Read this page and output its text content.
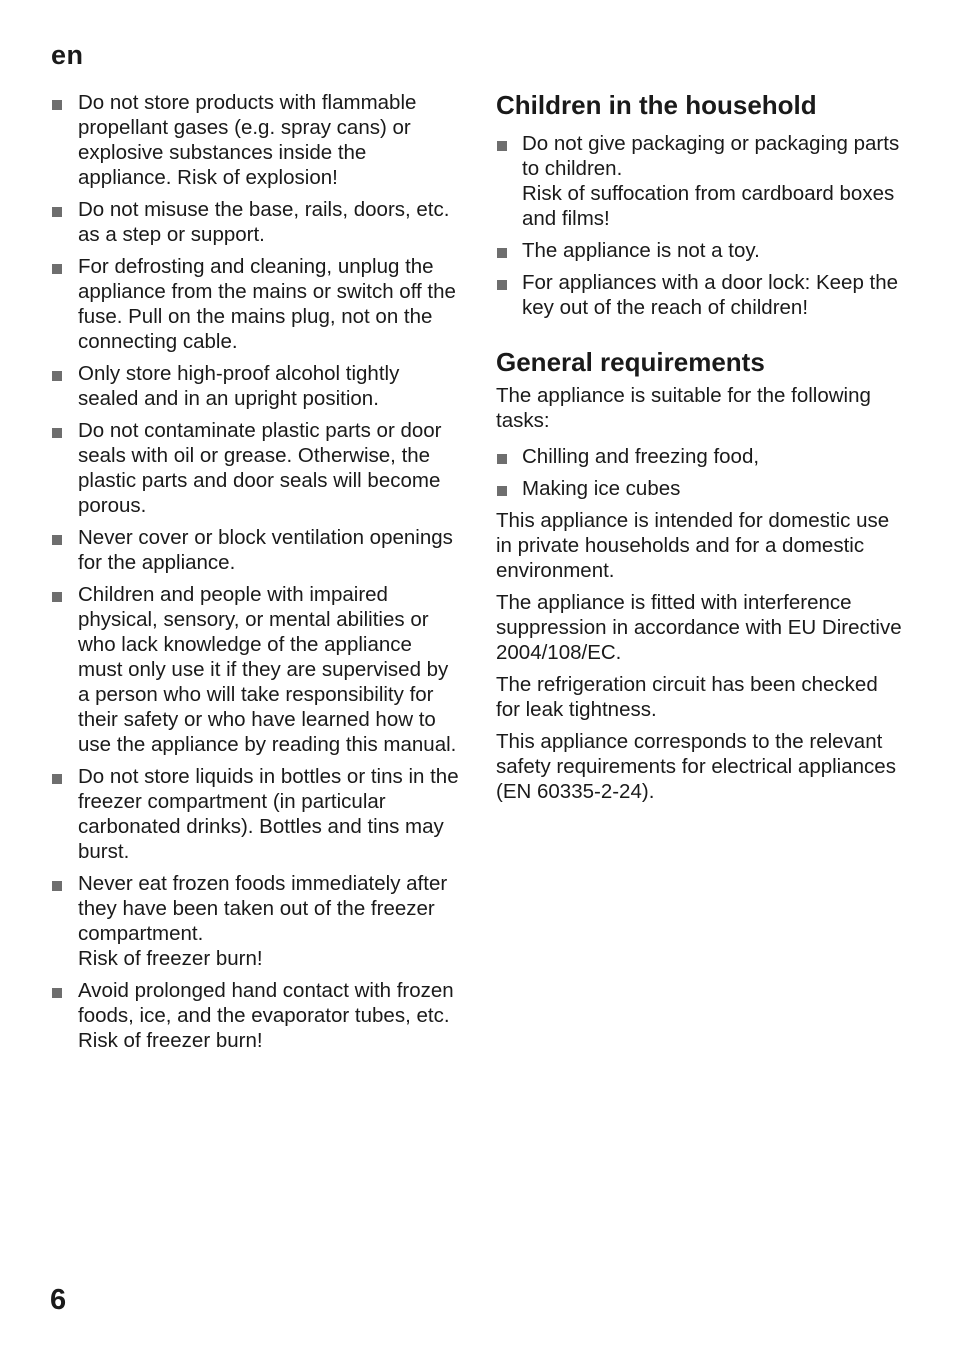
en
Do not store products with flammable propellant gases (e.g. spray cans) or explosive substances inside the appliance. Risk of explosion!
Do not misuse the base, rails, doors, etc. as a step or support.
For defrosting and cleaning, unplug the appliance from the mains or switch off the fuse. Pull on the mains plug, not on the connecting cable.
Only store high-proof alcohol tightly sealed and in an upright position.
Do not contaminate plastic parts or door seals with oil or grease. Otherwise, the plastic parts and door seals will become porous.
Never cover or block ventilation openings for the appliance.
Children and people with impaired physical, sensory, or mental abilities or who lack knowledge of the appliance must only use it if they are supervised by a person who will take responsibility for their safety or who have learned how to use the appliance by reading this manual.
Do not store liquids in bottles or tins in the freezer compartment (in particular carbonated drinks). Bottles and tins may burst.
Never eat frozen foods immediately after they have been taken out of the freezer compartment.
Risk of freezer burn!
Avoid prolonged hand contact with frozen foods, ice, and the evaporator tubes, etc.
Risk of freezer burn!
Children in the household
Do not give packaging or packaging parts to children.
Risk of suffocation from cardboard boxes and films!
The appliance is not a toy.
For appliances with a door lock: Keep the key out of the reach of children!
General requirements

The appliance is suitable for the following tasks:

Chilling and freezing food,
Making ice cubes

This appliance is intended for domestic use in private households and for a domestic environment.

The appliance is fitted with interference suppression in accordance with EU Directive 2004/108/EC.

The refrigeration circuit has been checked for leak tightness.

This appliance corresponds to the relevant safety requirements for electrical appliances (EN 60335-2-24).

6
